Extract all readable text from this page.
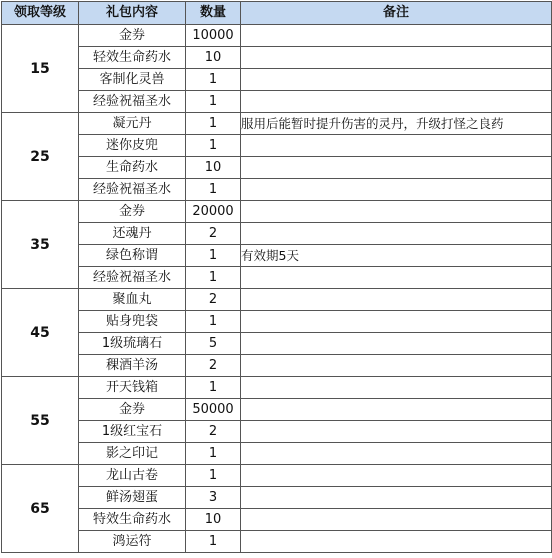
领取等级	礼包内容	数量	备注
15	金券	10000	
	轻效生命药水	10	
	客制化灵兽	1	
	经验祝福圣水	1	
25	凝元丹	1	服用后能暂时提升伤害的灵丹，升级打怪之良药
	迷你皮兜	1	
	生命药水	10	
	经验祝福圣水	1	
35	金券	20000	
	还魂丹	2	
	绿色称谓	1	有效期5天
	经验祝福圣水	1	
45	聚血丸	2	
	贴身兜袋	1	
	1级琉璃石	5	
	稞酒羊汤	2	
55	开天钱箱	1	
	金券	50000	
	1级红宝石	2	
	影之印记	1	
65	龙山古卷	1	
	鲜汤翅蛋	3	
	特效生命药水	10	
	鸿运符	1	
